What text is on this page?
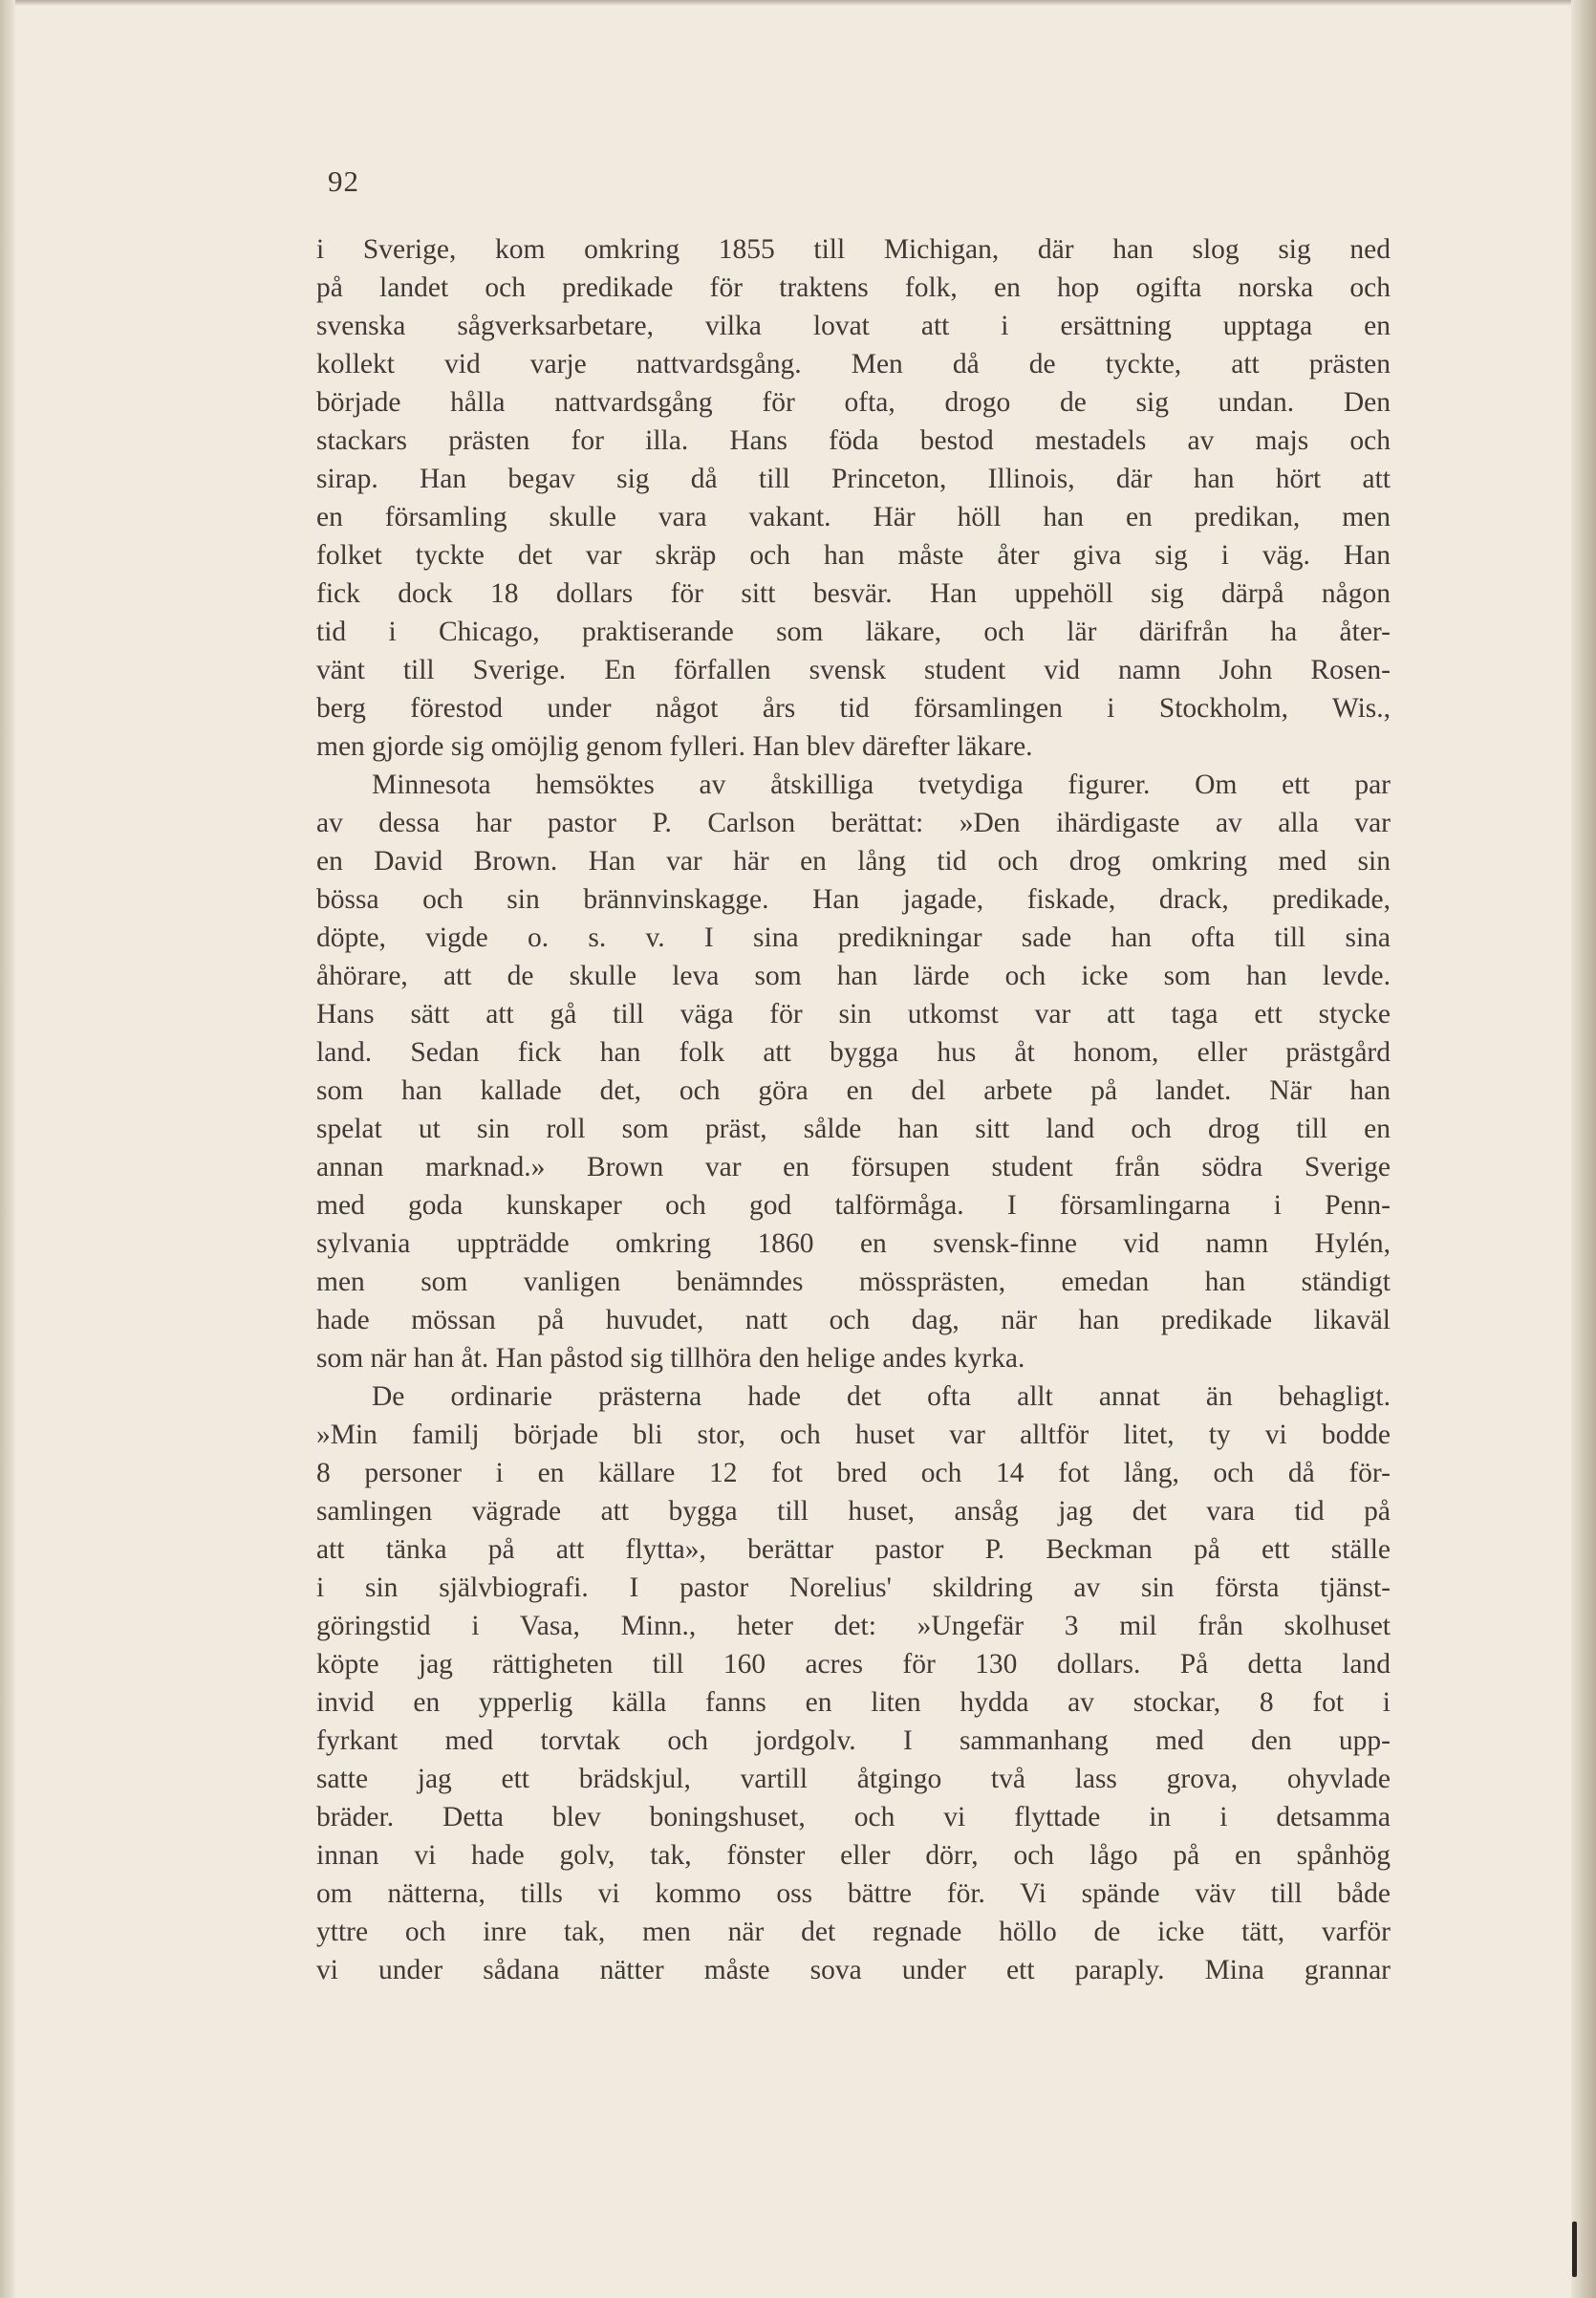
92
i Sverige, kom omkring 1855 till Michigan, där han slog sig ned
på landet och predikade för traktens folk, en hop ogifta norska och
svenska sågverksarbetare, vilka lovat att i ersättning upptaga en
kollekt vid varje nattvardsgång. Men då de tyckte, att prästen
började hålla nattvardsgång för ofta, drogo de sig undan. Den
stackars prästen for illa. Hans föda bestod mestadels av majs och
sirap. Han begav sig då till Princeton, Illinois, där han hört att
en församling skulle vara vakant. Här höll han en predikan, men
folket tyckte det var skräp och han måste åter giva sig i väg. Han
fick dock 18 dollars för sitt besvär. Han uppehöll sig därpå någon
tid i Chicago, praktiserande som läkare, och lär därifrån ha åter-
vänt till Sverige. En förfallen svensk student vid namn John Rosen-
berg förestod under något års tid församlingen i Stockholm, Wis.,
men gjorde sig omöjlig genom fylleri. Han blev därefter läkare.
Minnesota hemsöktes av åtskilliga tvetydiga figurer. Om ett par
av dessa har pastor P. Carlson berättat: »Den ihärdigaste av alla var
en David Brown. Han var här en lång tid och drog omkring med sin
bössa och sin brännvinskagge. Han jagade, fiskade, drack, predikade,
döpte, vigde o. s. v. I sina predikningar sade han ofta till sina
åhörare, att de skulle leva som han lärde och icke som han levde.
Hans sätt att gå till väga för sin utkomst var att taga ett stycke
land. Sedan fick han folk att bygga hus åt honom, eller prästgård
som han kallade det, och göra en del arbete på landet. När han
spelat ut sin roll som präst, sålde han sitt land och drog till en
annan marknad.» Brown var en försupen student från södra Sverige
med goda kunskaper och god talförmåga. I församlingarna i Penn-
sylvania uppträdde omkring 1860 en svensk-finne vid namn Hylén,
men som vanligen benämndes mössprästen, emedan han ständigt
hade mössan på huvudet, natt och dag, när han predikade likaväl
som när han åt. Han påstod sig tillhöra den helige andes kyrka.
De ordinarie prästerna hade det ofta allt annat än behagligt.
»Min familj började bli stor, och huset var alltför litet, ty vi bodde
8 personer i en källare 12 fot bred och 14 fot lång, och då för-
samlingen vägrade att bygga till huset, ansåg jag det vara tid på
att tänka på att flytta», berättar pastor P. Beckman på ett ställe
i sin självbiografi. I pastor Norelius' skildring av sin första tjänst-
göringstid i Vasa, Minn., heter det: »Ungefär 3 mil från skolhuset
köpte jag rättigheten till 160 acres för 130 dollars. På detta land
invid en ypperlig källa fanns en liten hydda av stockar, 8 fot i
fyrkant med torvtak och jordgolv. I sammanhang med den upp-
satte jag ett brädskjul, vartill åtgingo två lass grova, ohyvlade
bräder. Detta blev boningshuset, och vi flyttade in i detsamma
innan vi hade golv, tak, fönster eller dörr, och lågo på en spånhög
om nätterna, tills vi kommo oss bättre för. Vi spände väv till både
yttre och inre tak, men när det regnade höllo de icke tätt, varför
vi under sådana nätter måste sova under ett paraply. Mina grannar
